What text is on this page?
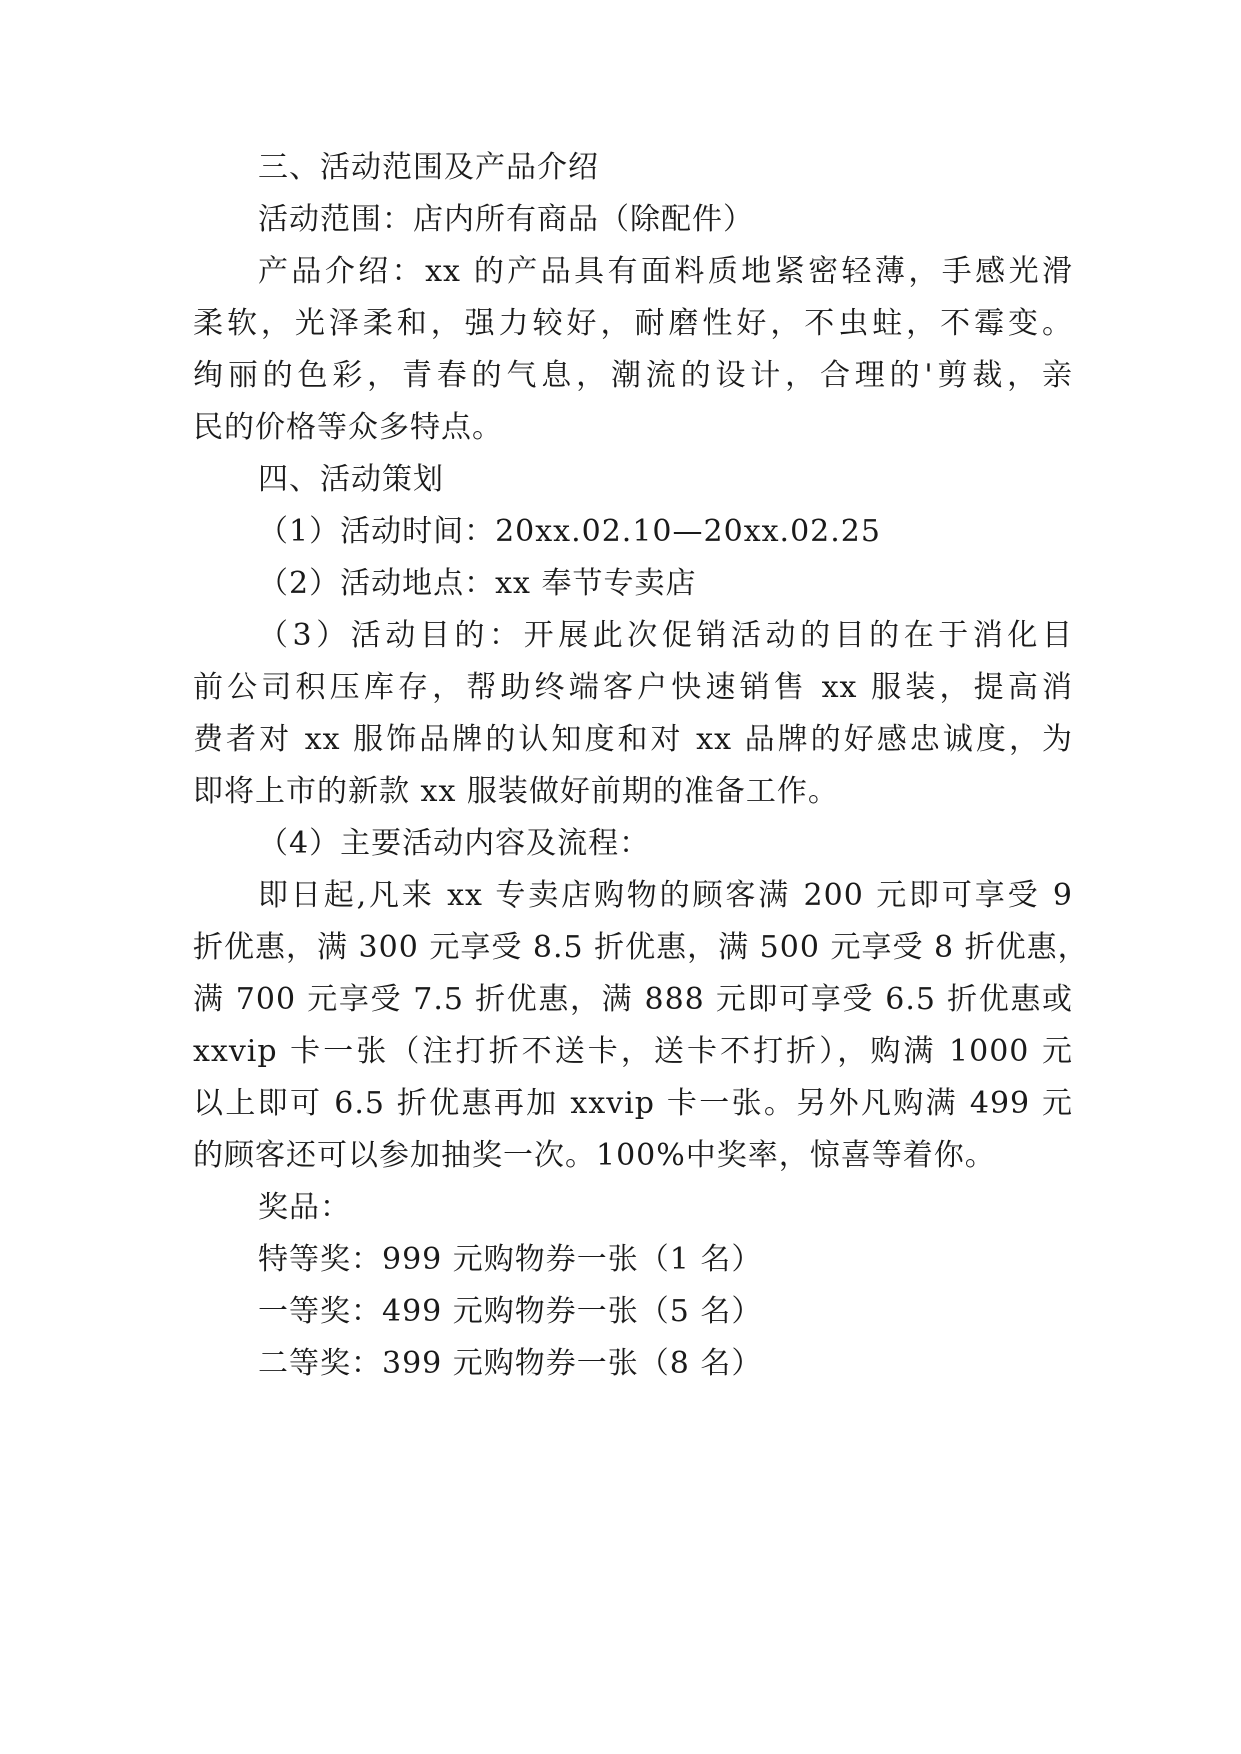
三、活动范围及产品介绍
活动范围：店内所有商品（除配件）
产品介绍：xx 的产品具有面料质地紧密轻薄，手感光滑
柔软，光泽柔和，强力较好，耐磨性好，不虫蛀，不霉变。
绚丽的色彩，青春的气息，潮流的设计，合理的'剪裁，亲
民的价格等众多特点。
四、活动策划
（1）活动时间：20xx.02.10—20xx.02.25
（2）活动地点：xx 奉节专卖店
（3）活动目的：开展此次促销活动的目的在于消化目
前公司积压库存，帮助终端客户快速销售 xx 服装，提高消
费者对 xx 服饰品牌的认知度和对 xx 品牌的好感忠诚度，为
即将上市的新款 xx 服装做好前期的准备工作。
（4）主要活动内容及流程：
即日起,凡来 xx 专卖店购物的顾客满 200 元即可享受 9
折优惠，满 300 元享受 8.5 折优惠，满 500 元享受 8 折优惠，
满 700 元享受 7.5 折优惠，满 888 元即可享受 6.5 折优惠或
xxvip 卡一张（注打折不送卡，送卡不打折），购满 1000 元
以上即可 6.5 折优惠再加 xxvip 卡一张。另外凡购满 499 元
的顾客还可以参加抽奖一次。100%中奖率，惊喜等着你。
奖品：
特等奖：999 元购物券一张（1 名）
一等奖：499 元购物券一张（5 名）
二等奖：399 元购物券一张（8 名）
